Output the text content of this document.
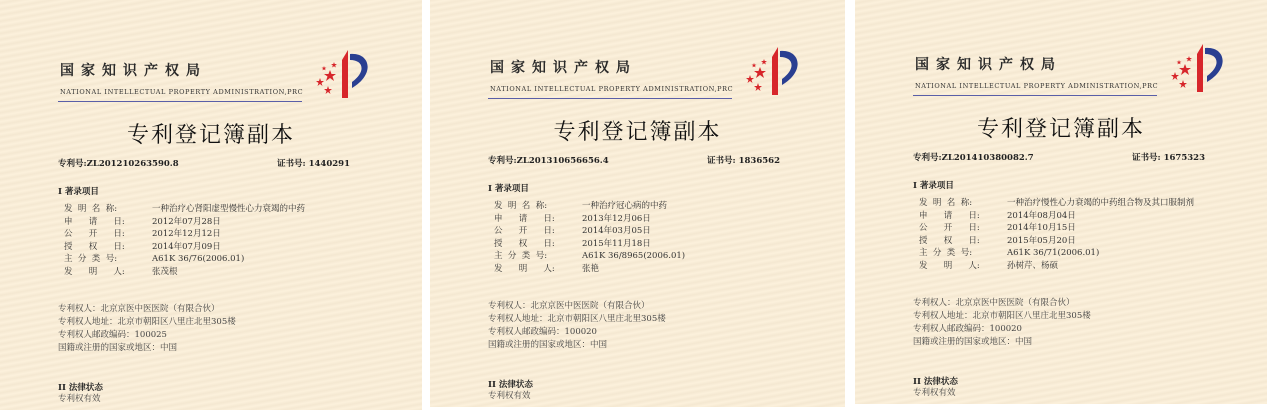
国家知识产权局
NATIONAL INTELLECTUAL PROPERTY ADMINISTRATION,PRC
专利登记簿副本
专利号:ZL201210263590.8	证书号: 1440291
I 著录项目
发  明  名  称:	一种治疗心肾阳虚型慢性心力衰竭的中药
申      请      日:	2012年07月28日
公      开      日:	2012年12月12日
授      权      日:	2014年07月09日
主  分  类  号:	A61K 36/76(2006.01)
发      明      人:	张茂根
专利权人：北京京医中医医院（有限合伙）
专利权人地址：北京市朝阳区八里庄北里305楼
专利权人邮政编码：100025
国籍或注册的国家或地区：中国
II 法律状态
专利权有效
国家知识产权局
NATIONAL INTELLECTUAL PROPERTY ADMINISTRATION,PRC
专利登记簿副本
专利号:ZL201310656656.4	证书号: 1836562
I 著录项目
发  明  名  称:	一种治疗冠心病的中药
申      请      日:	2013年12月06日
公      开      日:	2014年03月05日
授      权      日:	2015年11月18日
主  分  类  号:	A61K 36/8965(2006.01)
发      明      人:	张艳
专利权人：北京京医中医医院（有限合伙）
专利权人地址：北京市朝阳区八里庄北里305楼
专利权人邮政编码：100020
国籍或注册的国家或地区：中国
II 法律状态
专利权有效
国家知识产权局
NATIONAL INTELLECTUAL PROPERTY ADMINISTRATION,PRC
专利登记簿副本
专利号:ZL201410380082.7	证书号: 1675323
I 著录项目
发  明  名  称:	一种治疗慢性心力衰竭的中药组合物及其口服制剂
申      请      日:	2014年08月04日
公      开      日:	2014年10月15日
授      权      日:	2015年05月20日
主  分  类  号:	A61K 36/71(2006.01)
发      明      人:	孙树芹、杨硕
专利权人：北京京医中医医院（有限合伙）
专利权人地址：北京市朝阳区八里庄北里305楼
专利权人邮政编码：100020
国籍或注册的国家或地区：中国
II 法律状态
专利权有效
